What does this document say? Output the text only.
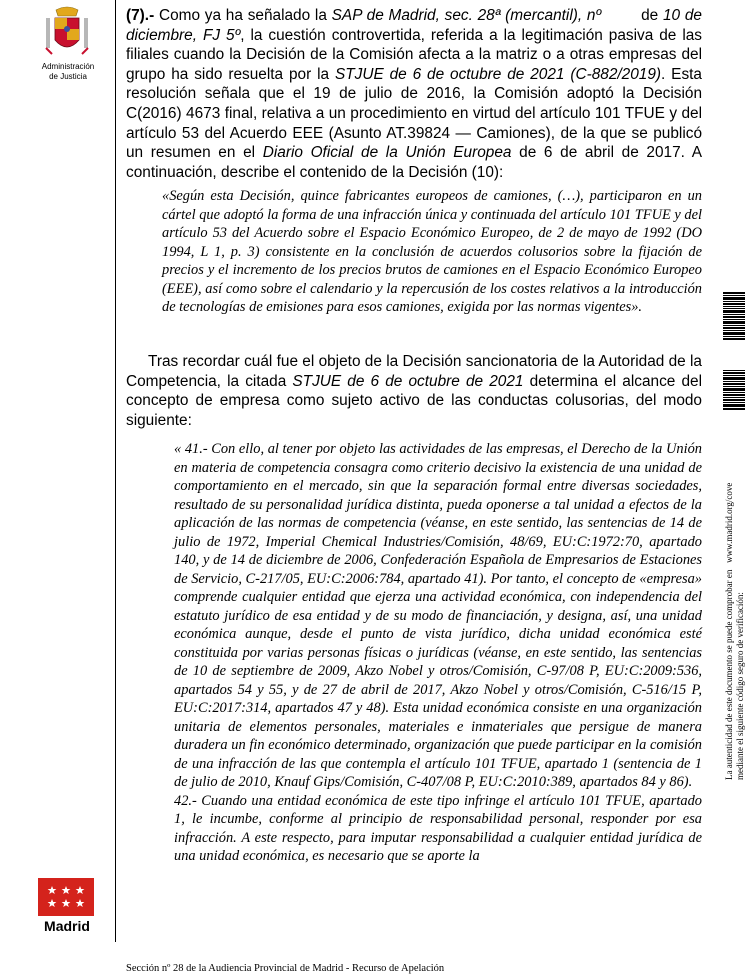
Administración
de Justicia
Madrid
(7).- Como ya ha señalado la SAP de Madrid, sec. 28ª (mercantil), nº	de 10 de diciembre, FJ 5º, la cuestión controvertida, referida a la legitimación pasiva de las filiales cuando la Decisión de la Comisión afecta a la matriz o a otras empresas del grupo ha sido resuelta por la STJUE de 6 de octubre de 2021 (C-882/2019). Esta resolución señala que el 19 de julio de 2016, la Comisión adoptó la Decisión C(2016) 4673 final, relativa a un procedimiento en virtud del artículo 101 TFUE y del artículo 53 del Acuerdo EEE (Asunto AT.39824 — Camiones), de la que se publicó un resumen en el Diario Oficial de la Unión Europea de 6 de abril de 2017. A continuación, describe el contenido de la Decisión (10):
«Según esta Decisión, quince fabricantes europeos de camiones, (…), participaron en un cártel que adoptó la forma de una infracción única y continuada del artículo 101 TFUE y del artículo 53 del Acuerdo sobre el Espacio Económico Europeo, de 2 de mayo de 1992 (DO 1994, L 1, p. 3) consistente en la conclusión de acuerdos colusorios sobre la fijación de precios y el incremento de los precios brutos de camiones en el Espacio Económico Europeo (EEE), así como sobre el calendario y la repercusión de los costes relativos a la introducción de tecnologías de emisiones para esos camiones, exigida por las normas vigentes».
Tras recordar cuál fue el objeto de la Decisión sancionatoria de la Autoridad de la Competencia, la citada STJUE de 6 de octubre de 2021 determina el alcance del concepto de empresa como sujeto activo de las conductas colusorias, del modo siguiente:

« 41.- Con ello, al tener por objeto las actividades de las empresas, el Derecho de la Unión en materia de competencia consagra como criterio decisivo la existencia de una unidad de comportamiento en el mercado, sin que la separación formal entre diversas sociedades, resultado de su personalidad jurídica distinta, pueda oponerse a tal unidad a efectos de la aplicación de las normas de competencia (véanse, en este sentido, las sentencias de 14 de julio de 1972, Imperial Chemical Industries/Comisión, 48/69, EU:C:1972:70, apartado 140, y de 14 de diciembre de 2006, Confederación Española de Empresarios de Estaciones de Servicio, C-217/05, EU:C:2006:784, apartado 41). Por tanto, el concepto de «empresa» comprende cualquier entidad que ejerza una actividad económica, con independencia del estatuto jurídico de esa entidad y de su modo de financiación, y designa, así, una unidad económica aunque, desde el punto de vista jurídico, dicha unidad económica esté constituida por varias personas físicas o jurídicas (véanse, en este sentido, las sentencias de 10 de septiembre de 2009, Akzo Nobel y otros/Comisión, C-97/08 P, EU:C:2009:536, apartados 54 y 55, y de 27 de abril de 2017, Akzo Nobel y otros/Comisión, C-516/15 P, EU:C:2017:314, apartados 47 y 48). Esta unidad económica consiste en una organización unitaria de elementos personales, materiales e inmateriales que persigue de manera duradera un fin económico determinado, organización que puede participar en la comisión de una infracción de las que contempla el artículo 101 TFUE, apartado 1 (sentencia de 1 de julio de 2010, Knauf Gips/Comisión, C-407/08 P, EU:C:2010:389, apartados 84 y 86).

42.- Cuando una entidad económica de este tipo infringe el artículo 101 TFUE, apartado 1, le incumbe, conforme al principio de responsabilidad personal, responder por esa infracción. A este respecto, para imputar responsabilidad a cualquier entidad jurídica de una unidad económica, es necesario que se aporte la

La autenticidad de este documento se puede comprobar en   www.madrid.org/cove
mediante el siguiente código seguro de verificación:
Sección nº 28 de la Audiencia Provincial de Madrid - Recurso de Apelación
